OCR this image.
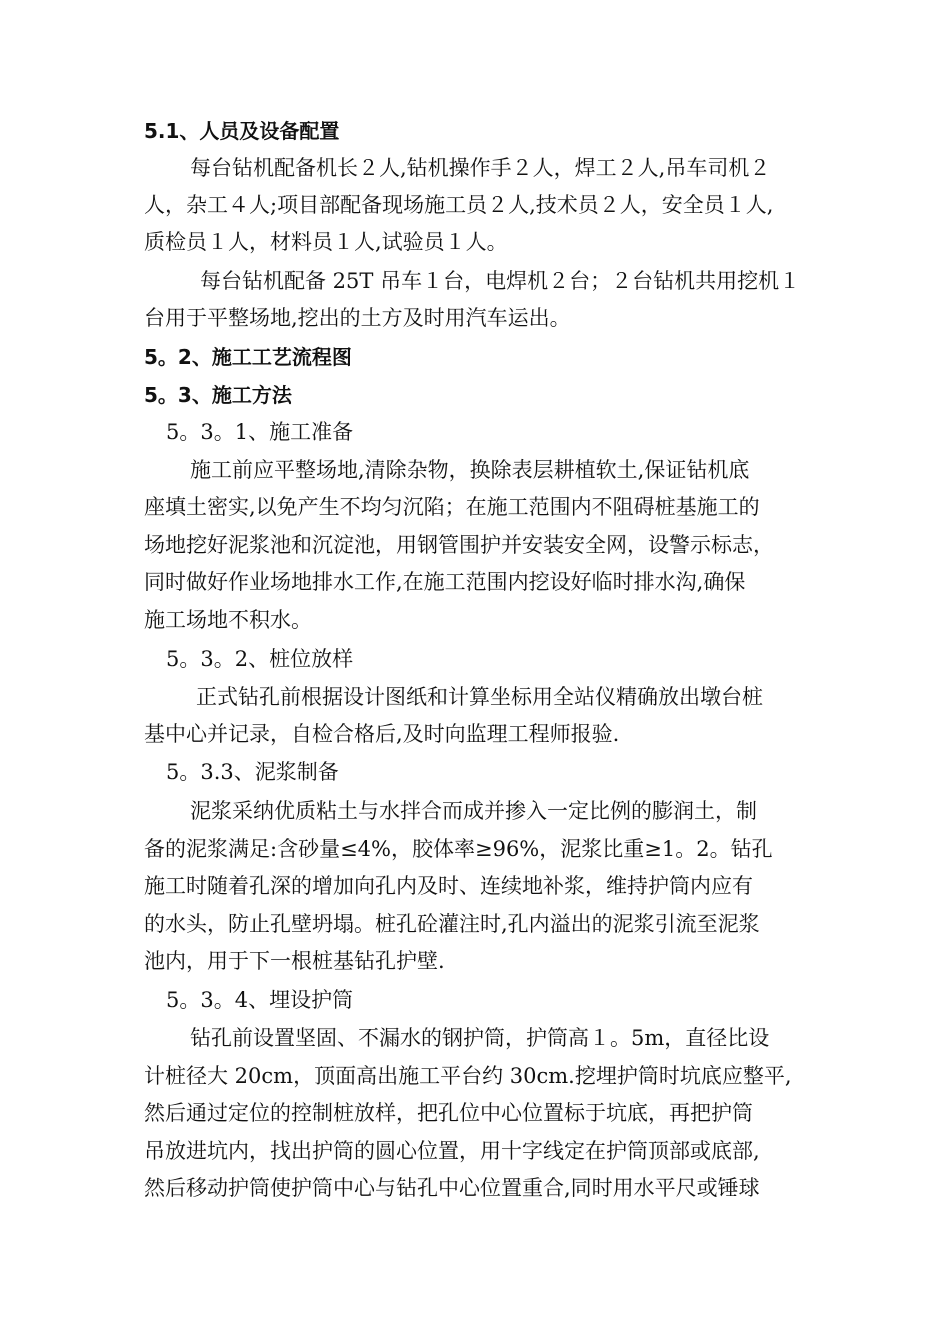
5.1、人员及设备配置
每台钻机配备机长２人,钻机操作手２人，焊工２人,吊车司机２
人，杂工４人;项目部配备现场施工员２人,技术员２人，安全员１人,
质检员１人，材料员１人,试验员１人。
每台钻机配备 25T 吊车１台，电焊机２台；２台钻机共用挖机１
台用于平整场地,挖出的土方及时用汽车运出。
5。2、施工工艺流程图
5。3、施工方法
5。3。1、施工准备
施工前应平整场地,清除杂物，换除表层耕植软土,保证钻机底
座填土密实,以免产生不均匀沉陷；在施工范围内不阻碍桩基施工的
场地挖好泥浆池和沉淀池，用钢管围护并安装安全网，设警示标志，
同时做好作业场地排水工作,在施工范围内挖设好临时排水沟,确保
施工场地不积水。
5。3。2、桩位放样
正式钻孔前根据设计图纸和计算坐标用全站仪精确放出墩台桩
基中心并记录，自检合格后,及时向监理工程师报验.
5。3.3、泥浆制备
泥浆采纳优质粘土与水拌合而成并掺入一定比例的膨润土，制
备的泥浆满足:含砂量≤4%，胶体率≥96%，泥浆比重≥1。2。钻孔
施工时随着孔深的增加向孔内及时、连续地补浆，维持护筒内应有
的水头，防止孔壁坍塌。桩孔砼灌注时,孔内溢出的泥浆引流至泥浆
池内，用于下一根桩基钻孔护壁.
5。3。4、埋设护筒
钻孔前设置坚固、不漏水的钢护筒，护筒高１。5m，直径比设
计桩径大 20cm，顶面高出施工平台约 30cm.挖埋护筒时坑底应整平,
然后通过定位的控制桩放样，把孔位中心位置标于坑底，再把护筒
吊放进坑内，找出护筒的圆心位置，用十字线定在护筒顶部或底部,
然后移动护筒使护筒中心与钻孔中心位置重合,同时用水平尺或锤球
